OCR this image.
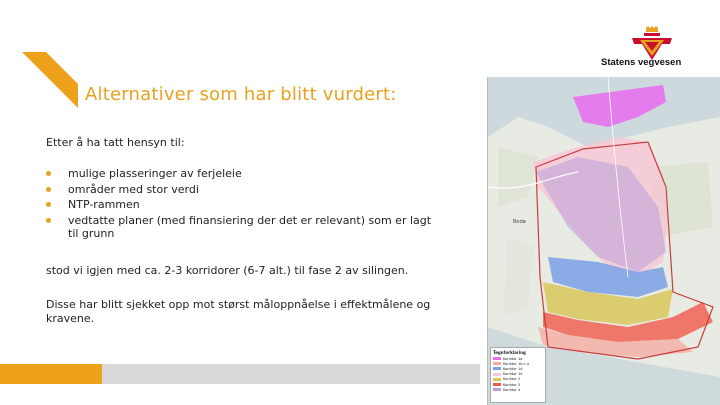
Alternativer som har blitt vurdert:
Etter å ha tatt hensyn til:
mulige plasseringer av ferjeleie
områder med stor verdi
NTP-rammen
vedtatte planer (med finansiering der det er relevant) som er lagt til grunn
stod vi igjen med ca. 2-3 korridorer (6-7 alt.) til fase 2 av silingen.
Disse har blitt sjekket opp mot størst måloppnåelse i effektmålene og kravene.
Statens vegvesen
Bodø
Tegnforklaring
Korridor 1a
Korridor 1b,c,d
Korridor 1d
Korridor 1e
Korridor 2
Korridor 3
Korridor 4
